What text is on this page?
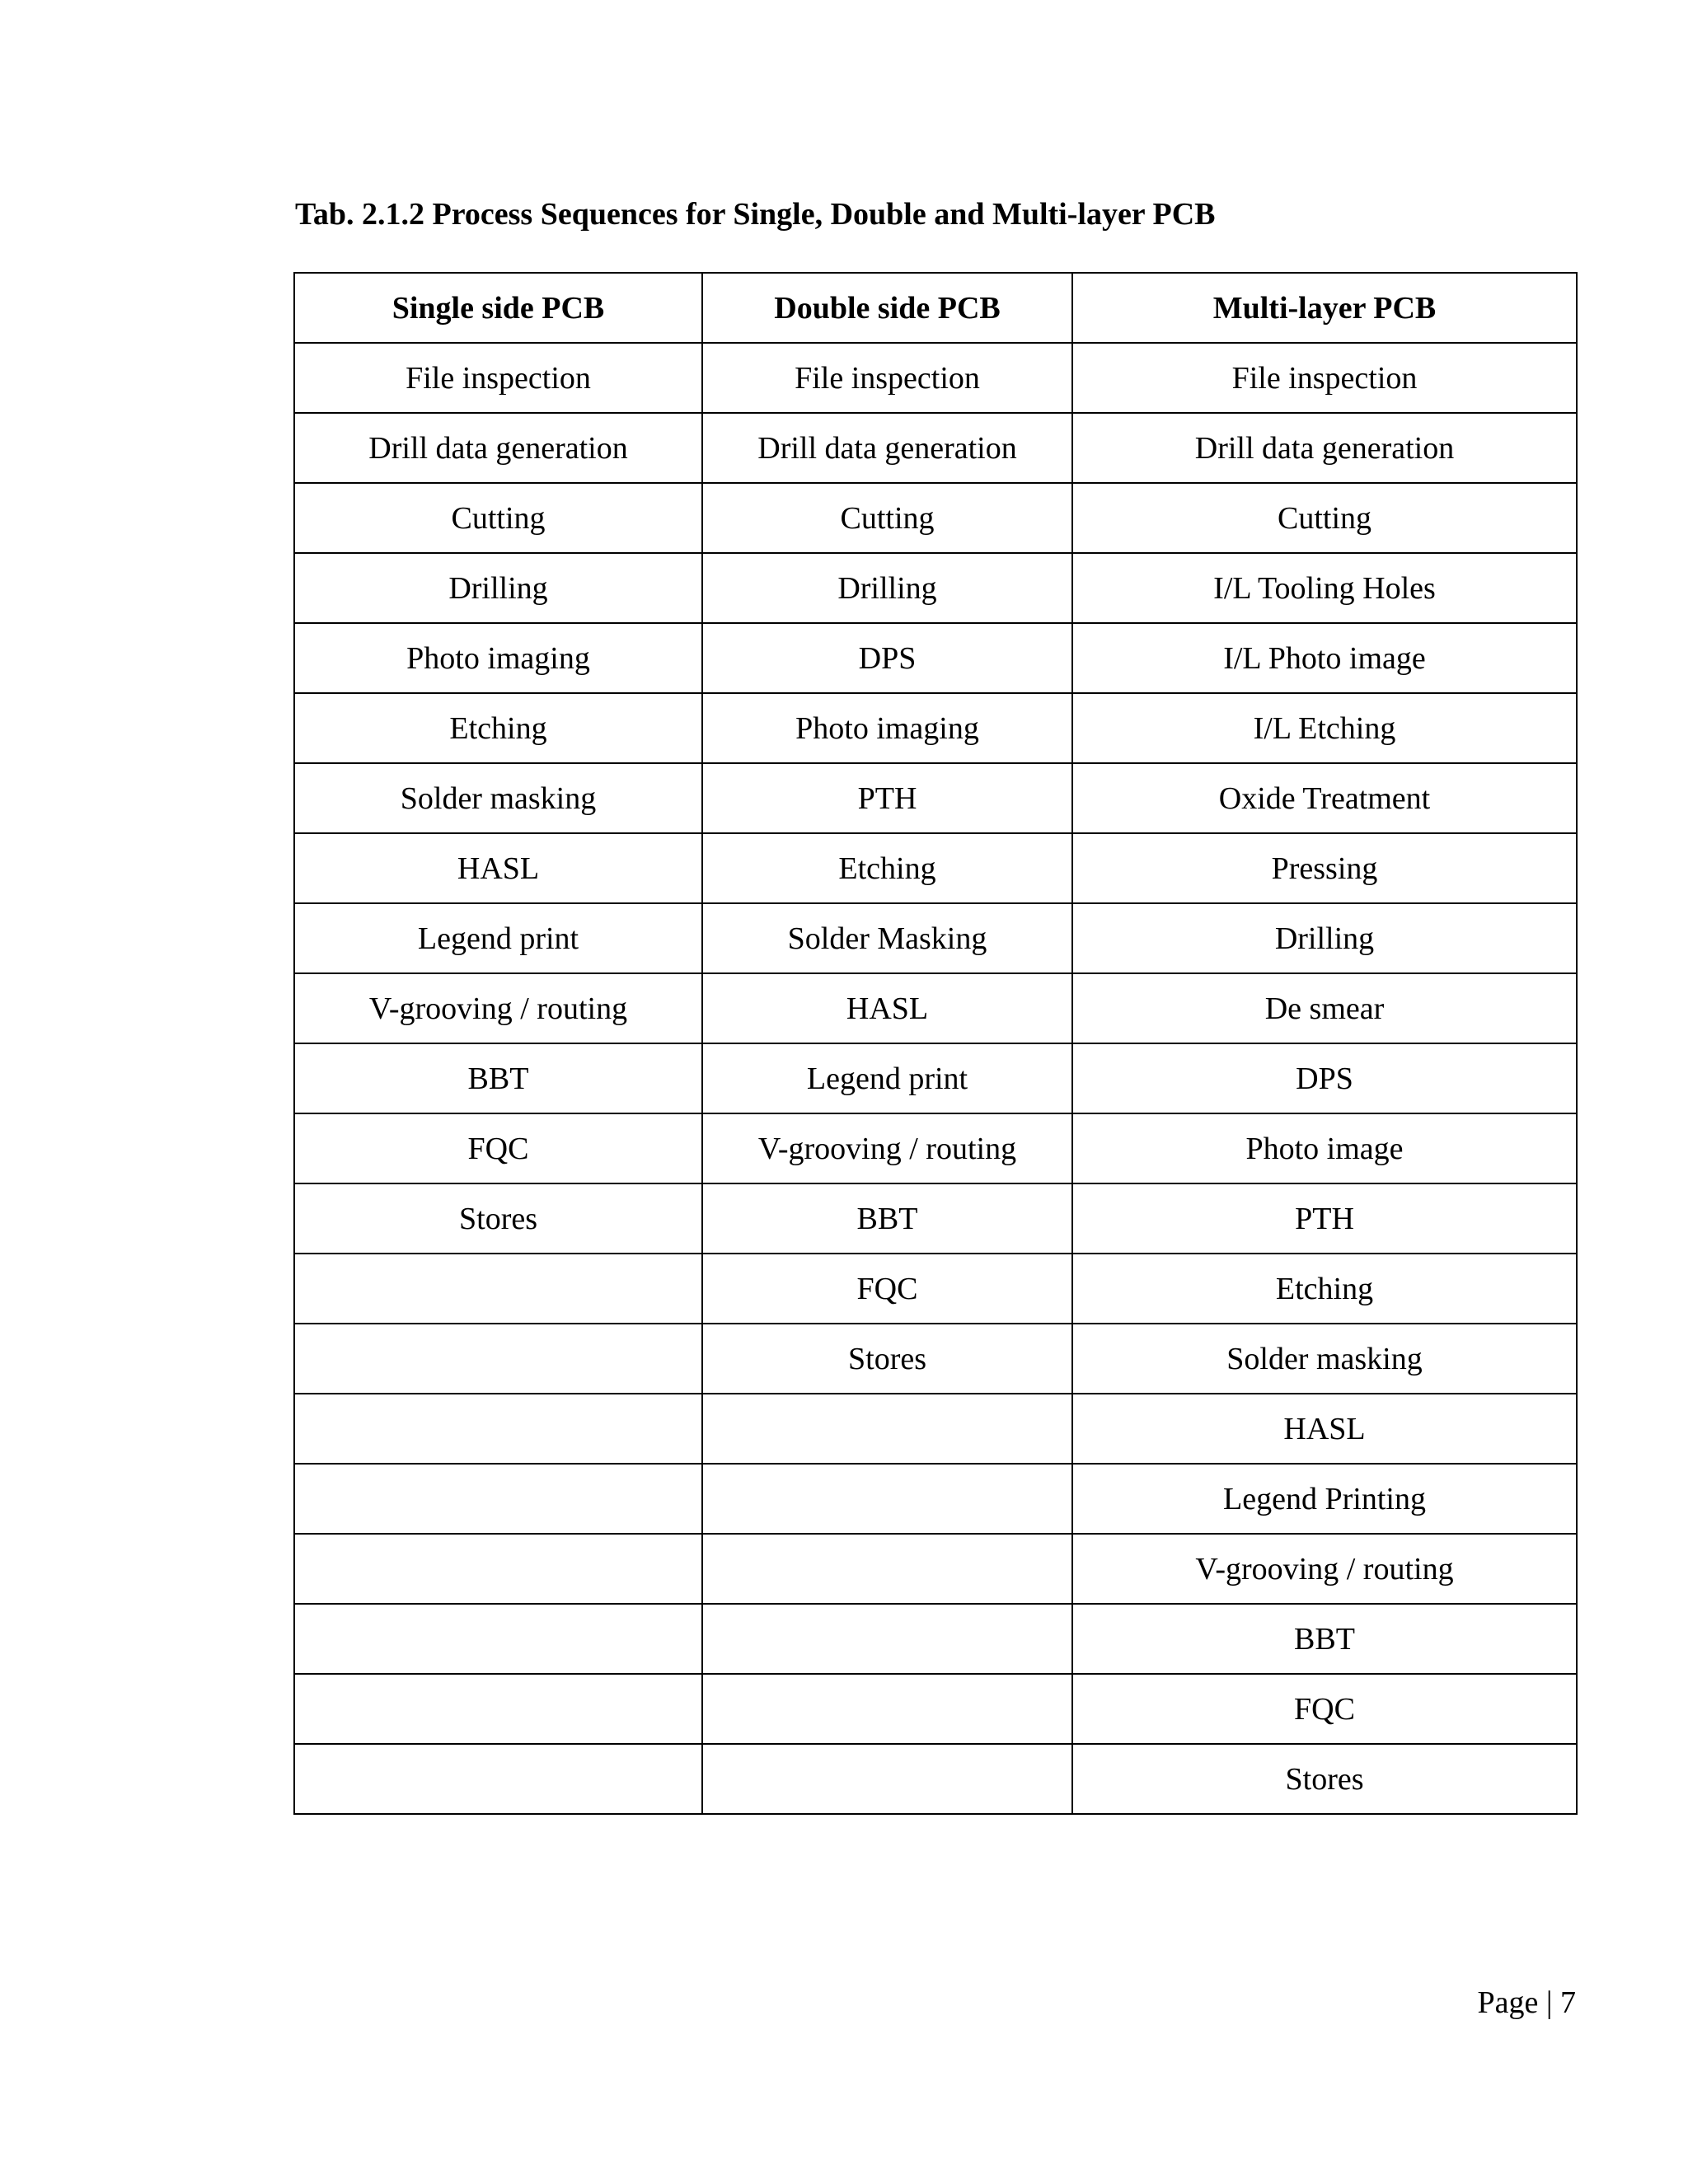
Tab. 2.1.2 Process Sequences for Single, Double and Multi-layer PCB
Single side PCB	Double side PCB	Multi-layer PCB
File inspection	File inspection	File inspection
Drill data generation	Drill data generation	Drill data generation
Cutting	Cutting	Cutting
Drilling	Drilling	I/L Tooling Holes
Photo imaging	DPS	I/L Photo image
Etching	Photo imaging	I/L Etching
Solder masking	PTH	Oxide Treatment
HASL	Etching	Pressing
Legend print	Solder Masking	Drilling
V-grooving / routing	HASL	De smear
BBT	Legend print	DPS
FQC	V-grooving / routing	Photo image
Stores	BBT	PTH
	FQC	Etching
	Stores	Solder masking
		HASL
		Legend Printing
		V-grooving / routing
		BBT
		FQC
		Stores
Page | 7
